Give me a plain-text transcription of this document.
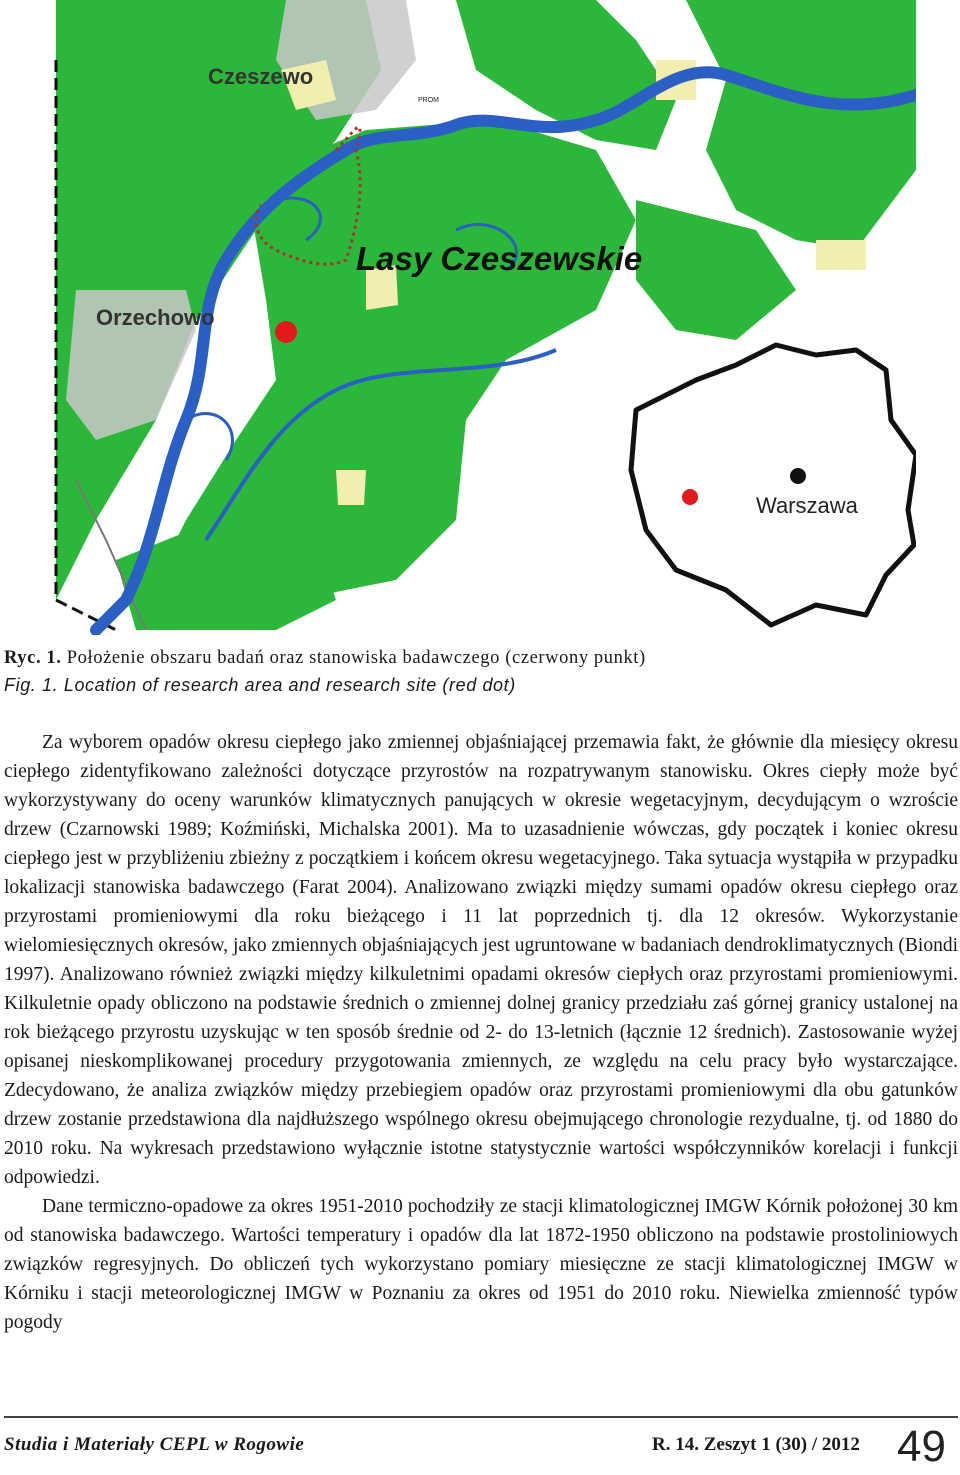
Czeszewo
PROM
Lasy Czeszewskie
Orzechowo
Warszawa
Ryc. 1. Położenie obszaru badań oraz stanowiska badawczego (czerwony punkt)
Fig. 1. Location of research area and research site (red dot)

Za wyborem opadów okresu ciepłego jako zmiennej objaśniającej przemawia fakt, że głównie dla miesięcy okresu ciepłego zidentyfikowano zależności dotyczące przyrostów na rozpatrywanym stanowisku. Okres ciepły może być wykorzystywany do oceny warunków klimatycznych panujących w okresie wegetacyjnym, decydującym o wzroście drzew (Czarnowski 1989; Koźmiński, Michalska 2001). Ma to uzasadnienie wówczas, gdy początek i koniec okresu ciepłego jest w przybliżeniu zbieżny z początkiem i końcem okresu wegetacyjnego. Taka sytuacja wystąpiła w przypadku lokalizacji stanowiska badawczego (Farat 2004). Analizowano związki między sumami opadów okresu ciepłego oraz przyrostami promieniowymi dla roku bieżącego i 11 lat poprzednich tj. dla 12 okresów. Wykorzystanie wielomiesięcznych okresów, jako zmiennych objaśniających jest ugruntowane w badaniach dendroklimatycznych (Biondi 1997). Analizowano również związki między kilkuletnimi opadami okresów ciepłych oraz przyrostami promieniowymi. Kilkuletnie opady obliczono na podstawie średnich o zmiennej dolnej granicy przedziału zaś górnej granicy ustalonej na rok bieżącego przyrostu uzyskując w ten sposób średnie od 2- do 13-letnich (łącznie 12 średnich). Zastosowanie wyżej opisanej nieskomplikowanej procedury przygotowania zmiennych, ze względu na celu pracy było wystarczające. Zdecydowano, że analiza związków między przebiegiem opadów oraz przyrostami promieniowymi dla obu gatunków drzew zostanie przedstawiona dla najdłuższego wspólnego okresu obejmującego chronologie rezydualne, tj. od 1880 do 2010 roku. Na wykresach przedstawiono wyłącznie istotne statystycznie wartości współczynników korelacji i funkcji odpowiedzi.

Dane termiczno-opadowe za okres 1951-2010 pochodziły ze stacji klimatologicznej IMGW Kórnik położonej 30 km od stanowiska badawczego. Wartości temperatury i opadów dla lat 1872-1950 obliczono na podstawie prostoliniowych związków regresyjnych. Do obliczeń tych wykorzystano pomiary miesięczne ze stacji klimatologicznej IMGW w Kórniku i stacji meteorologicznej IMGW w Poznaniu za okres od 1951 do 2010 roku. Niewielka zmienność typów pogody

Studia i Materiały CEPL w Rogowie	R. 14. Zeszyt 1 (30) / 2012 49
